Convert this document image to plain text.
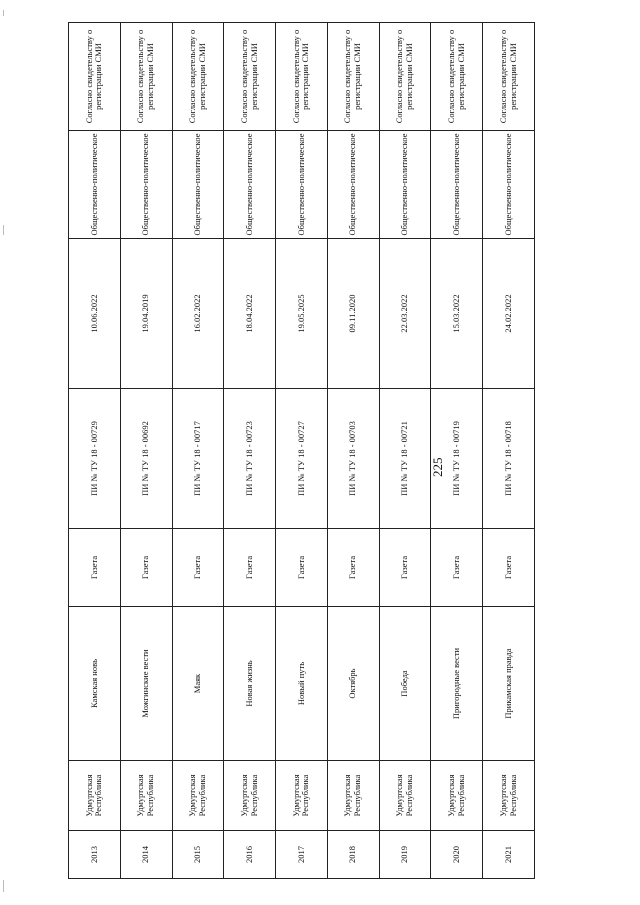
225
2013	Удмуртская Республика	Камская новь	Газета	ПИ № ТУ 18 - 00729	10.06.2022	Общественно-политическое	Согласно свидетельству о регистрации СМИ
2014	Удмуртская Республика	Можгинские вести	Газета	ПИ № ТУ 18 - 00692	19.04.2019	Общественно-политическое	Согласно свидетельству о регистрации СМИ
2015	Удмуртская Республика	Маяк	Газета	ПИ № ТУ 18 - 00717	16.02.2022	Общественно-политическое	Согласно свидетельству о регистрации СМИ
2016	Удмуртская Республика	Новая жизнь	Газета	ПИ № ТУ 18 - 00723	18.04.2022	Общественно-политическое	Согласно свидетельству о регистрации СМИ
2017	Удмуртская Республика	Новый путь	Газета	ПИ № ТУ 18 - 00727	19.05.2025	Общественно-политическое	Согласно свидетельству о регистрации СМИ
2018	Удмуртская Республика	Октябрь	Газета	ПИ № ТУ 18 - 00703	09.11.2020	Общественно-политическое	Согласно свидетельству о регистрации СМИ
2019	Удмуртская Республика	Победа	Газета	ПИ № ТУ 18 - 00721	22.03.2022	Общественно-политическое	Согласно свидетельству о регистрации СМИ
2020	Удмуртская Республика	Пригородные вести	Газета	ПИ № ТУ 18 - 00719	15.03.2022	Общественно-политическое	Согласно свидетельству о регистрации СМИ
2021	Удмуртская Республика	Прикамская правда	Газета	ПИ № ТУ 18 - 00718	24.02.2022	Общественно-политическое	Согласно свидетельству о регистрации СМИ
